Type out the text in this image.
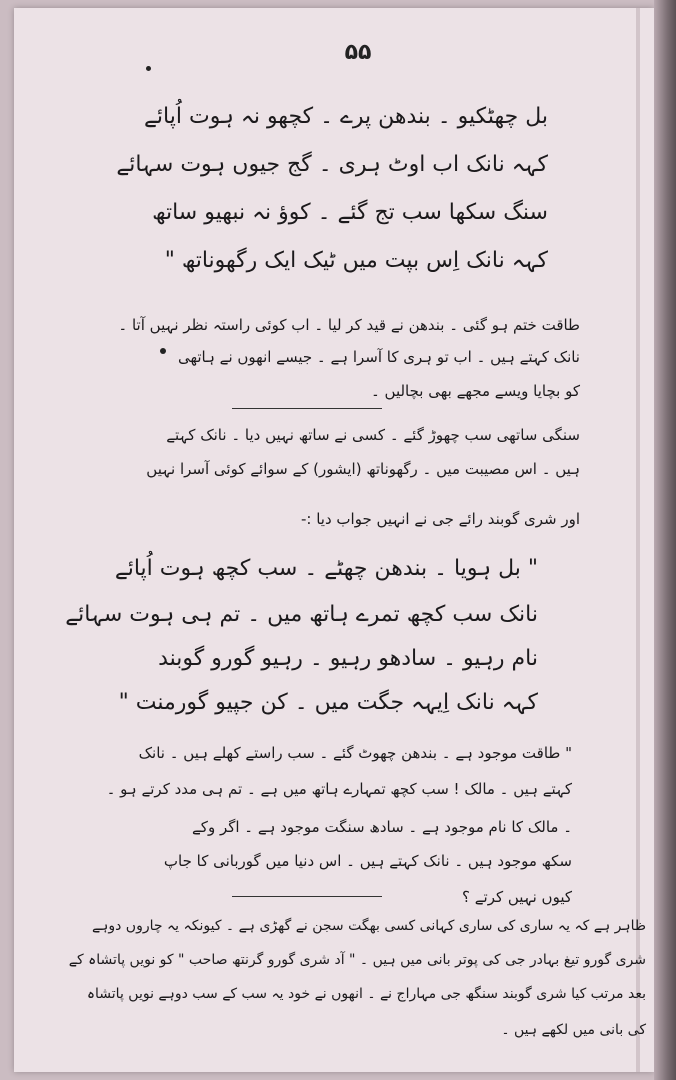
۵۵
بل چھٹکیو ۔ بندھن پرے ۔ کچھو نہ ہوت اُپائے
کہہ نانک اب اوٹ ہری ۔ گج جیوں ہوت سہائے
سنگ سکھا سب تج گئے ۔ کوؤ نہ نبھیو ساتھ
کہہ نانک اِس بپت میں ٹیک ایک رگھوناتھ "
طاقت ختم ہو گئی ۔ بندھن نے قید کر لیا ۔ اب کوئی راستہ نظر نہیں آتا ۔
نانک کہتے ہیں ۔ اب تو ہری کا آسرا ہے ۔ جیسے انھوں نے ہاتھی
کو بچایا ویسے مجھے بھی بچالیں ۔
سنگی ساتھی سب چھوڑ گئے ۔ کسی نے ساتھ نہیں دیا ۔ نانک کہتے
ہیں ۔ اس مصیبت میں ۔ رگھوناتھ (ایشور) کے سوائے کوئی آسرا نہیں
اور شری گوبند رائے جی نے انہیں جواب دیا :-
" بل ہویا ۔ بندھن چھٹے ۔ سب کچھ ہوت اُپائے
نانک سب کچھ تمرے ہاتھ میں ۔ تم ہی ہوت سہائے
نام رہیو ۔ سادھو رہیو ۔ رہیو گورو گوبند
کہہ نانک اِیہہ جگت میں ۔ کن جپیو گورمنت "
" طاقت موجود ہے ۔ بندھن چھوٹ گئے ۔ سب راستے کھلے ہیں ۔ نانک
کہتے ہیں ۔ مالک ! سب کچھ تمہارے ہاتھ میں ہے ۔ تم ہی مدد کرتے ہو ۔
۔ مالک کا نام موجود ہے ۔ سادھ سنگت موجود ہے ۔ اگر وکے
سکھ موجود ہیں ۔ نانک کہتے ہیں ۔ اس دنیا میں گوربانی کا جاپ
کیوں نہیں کرتے ؟
ظاہر ہے کہ یہ ساری کی ساری کہانی کسی بھگت سجن نے گھڑی ہے ۔ کیونکہ یہ چاروں دوہے
شری گورو تیغ بہادر جی کی پوتر بانی میں ہیں ۔ " آد شری گورو گرنتھ صاحب " کو نویں پاتشاہ کے
بعد مرتب کیا شری گوبند سنگھ جی مہاراج نے ۔ انھوں نے خود یہ سب کے سب دوہے نویں پاتشاہ
کی بانی میں لکھے ہیں ۔
